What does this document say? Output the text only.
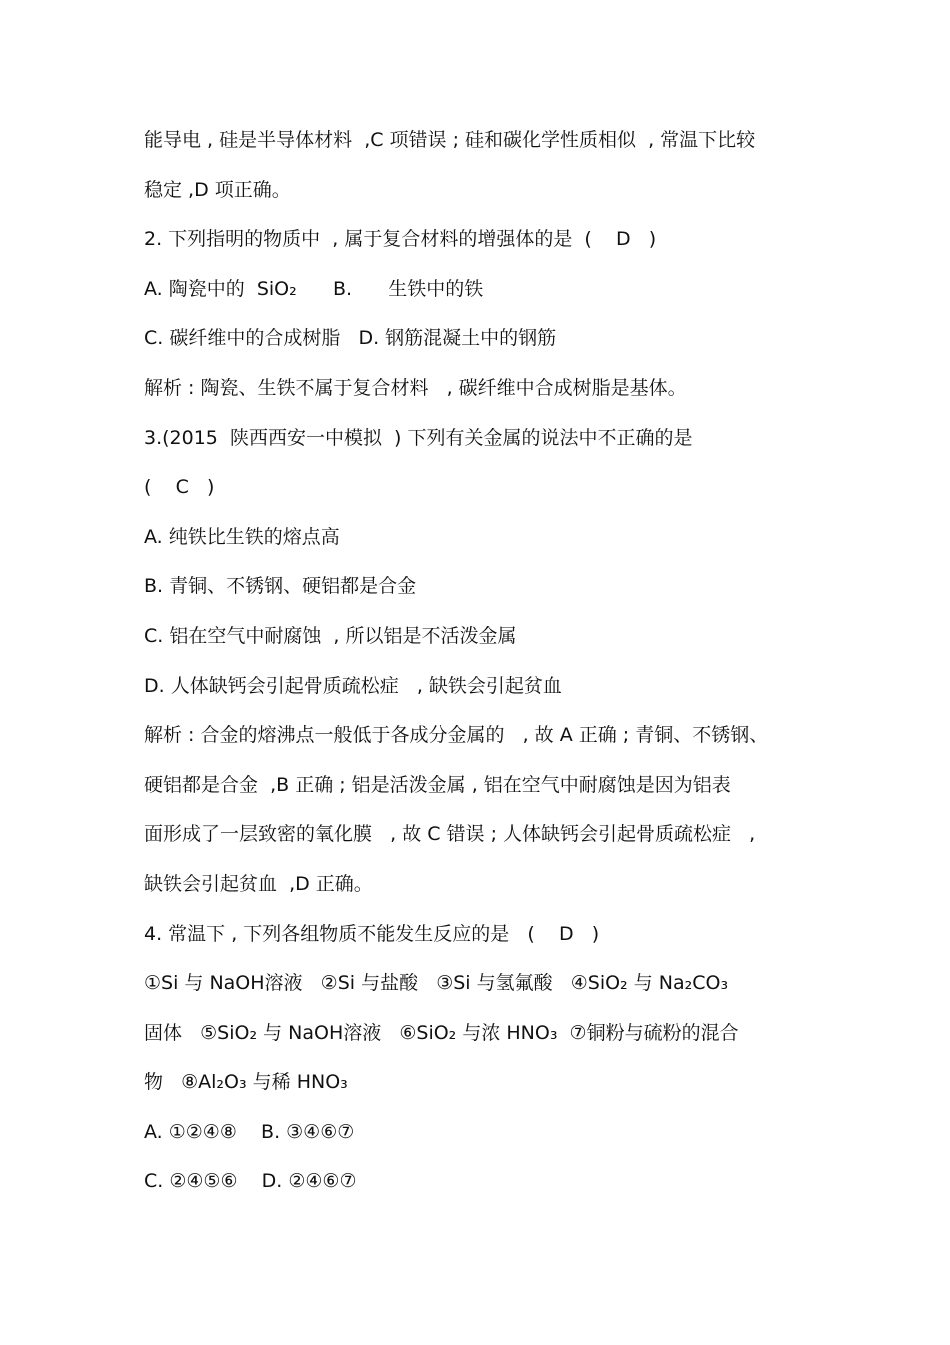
能导电 , 硅是半导体材料  ,C 项错误 ; 硅和碳化学性质相似  , 常温下比较
稳定 ,D 项正确。
2. 下列指明的物质中  , 属于复合材料的增强体的是  (    D   )
A. 陶瓷中的  SiO₂      B.      生铁中的铁
C. 碳纤维中的合成树脂   D. 钢筋混凝土中的钢筋
解析 : 陶瓷、生铁不属于复合材料   , 碳纤维中合成树脂是基体。
3.(2015  陕西西安一中模拟  ) 下列有关金属的说法中不正确的是
(    C   )
A. 纯铁比生铁的熔点高
B. 青铜、不锈钢、硬铝都是合金
C. 铝在空气中耐腐蚀  , 所以铝是不活泼金属
D. 人体缺钙会引起骨质疏松症   , 缺铁会引起贫血
解析 : 合金的熔沸点一般低于各成分金属的   , 故 A 正确 ; 青铜、不锈钢、
硬铝都是合金  ,B 正确 ; 铝是活泼金属 , 铝在空气中耐腐蚀是因为铝表
面形成了一层致密的氧化膜   , 故 C 错误 ; 人体缺钙会引起骨质疏松症   ,
缺铁会引起贫血  ,D 正确。
4. 常温下 , 下列各组物质不能发生反应的是   (    D   )
①Si 与 NaOH溶液   ②Si 与盐酸   ③Si 与氢氟酸   ④SiO₂ 与 Na₂CO₃
固体   ⑤SiO₂ 与 NaOH溶液   ⑥SiO₂ 与浓 HNO₃  ⑦铜粉与硫粉的混合
物   ⑧Al₂O₃ 与稀 HNO₃
A. ①②④⑧    B. ③④⑥⑦
C. ②④⑤⑥    D. ②④⑥⑦
